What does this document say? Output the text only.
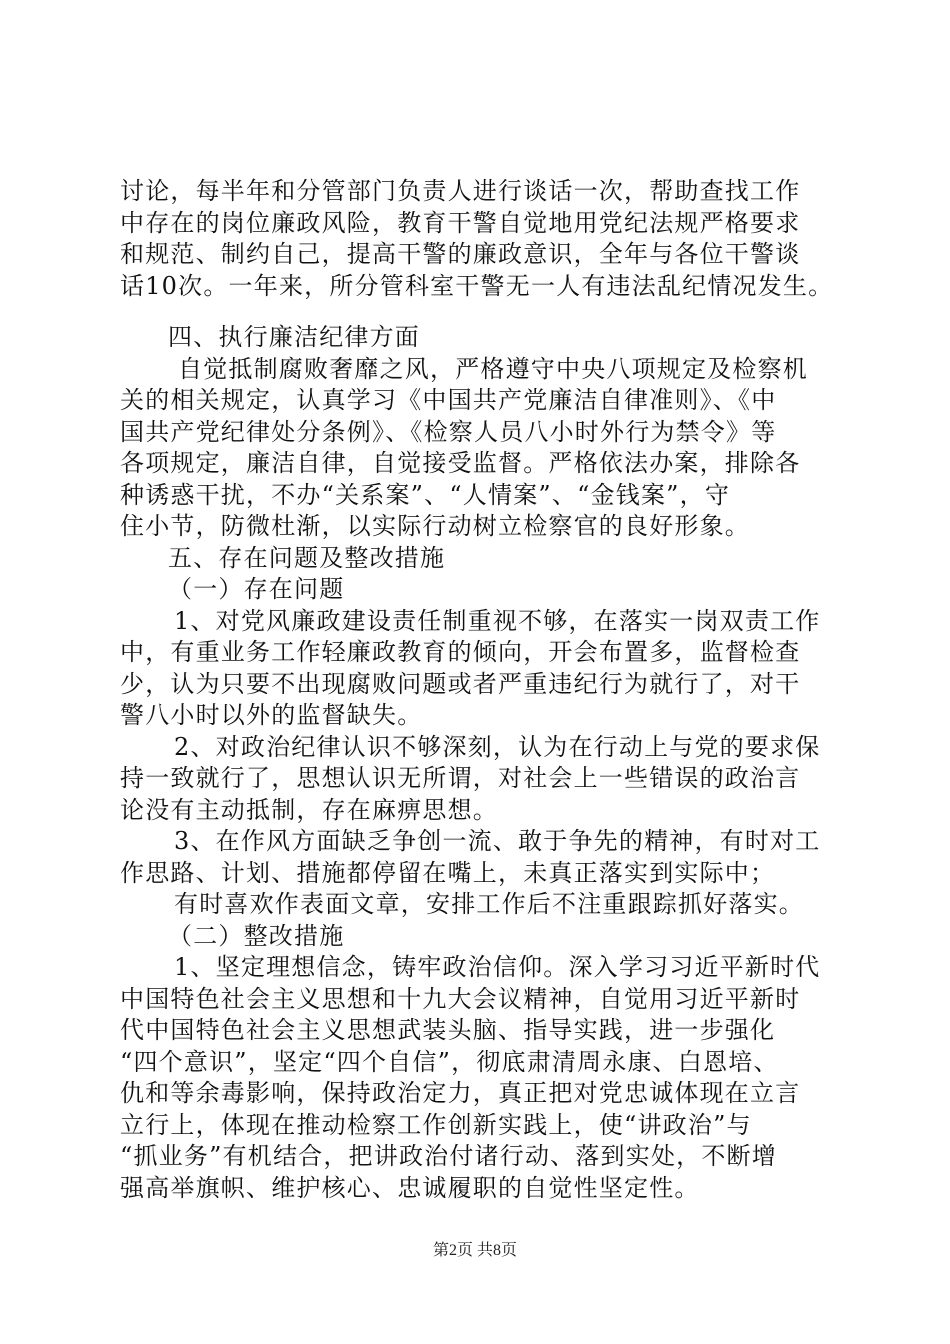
讨论，每半年和分管部门负责人进行谈话一次，帮助查找工作
中存在的岗位廉政风险，教育干警自觉地用党纪法规严格要求
和规范、制约自己，提高干警的廉政意识，全年与各位干警谈
话10次。一年来，所分管科室干警无一人有违法乱纪情况发生。
四、执行廉洁纪律方面
自觉抵制腐败奢靡之风，严格遵守中央八项规定及检察机
关的相关规定，认真学习《中国共产党廉洁自律准则》、《中
国共产党纪律处分条例》、《检察人员八小时外行为禁令》等
各项规定，廉洁自律，自觉接受监督。严格依法办案，排除各
种诱惑干扰，不办“关系案”、“人情案”、“金钱案”，守
住小节，防微杜渐，以实际行动树立检察官的良好形象。
五、存在问题及整改措施
（一）存在问题
1、对党风廉政建设责任制重视不够，在落实一岗双责工作
中，有重业务工作轻廉政教育的倾向，开会布置多，监督检查
少，认为只要不出现腐败问题或者严重违纪行为就行了，对干
警八小时以外的监督缺失。
2、对政治纪律认识不够深刻，认为在行动上与党的要求保
持一致就行了，思想认识无所谓，对社会上一些错误的政治言
论没有主动抵制，存在麻痹思想。
3、在作风方面缺乏争创一流、敢于争先的精神，有时对工
作思路、计划、措施都停留在嘴上，未真正落实到实际中；
有时喜欢作表面文章，安排工作后不注重跟踪抓好落实。
（二）整改措施
1、坚定理想信念，铸牢政治信仰。深入学习习近平新时代
中国特色社会主义思想和十九大会议精神，自觉用习近平新时
代中国特色社会主义思想武装头脑、指导实践，进一步强化
“四个意识”，坚定“四个自信”，彻底肃清周永康、白恩培、
仇和等余毒影响，保持政治定力，真正把对党忠诚体现在立言
立行上，体现在推动检察工作创新实践上，使“讲政治”与
“抓业务”有机结合，把讲政治付诸行动、落到实处，不断增
强高举旗帜、维护核心、忠诚履职的自觉性坚定性。
第2页 共8页
